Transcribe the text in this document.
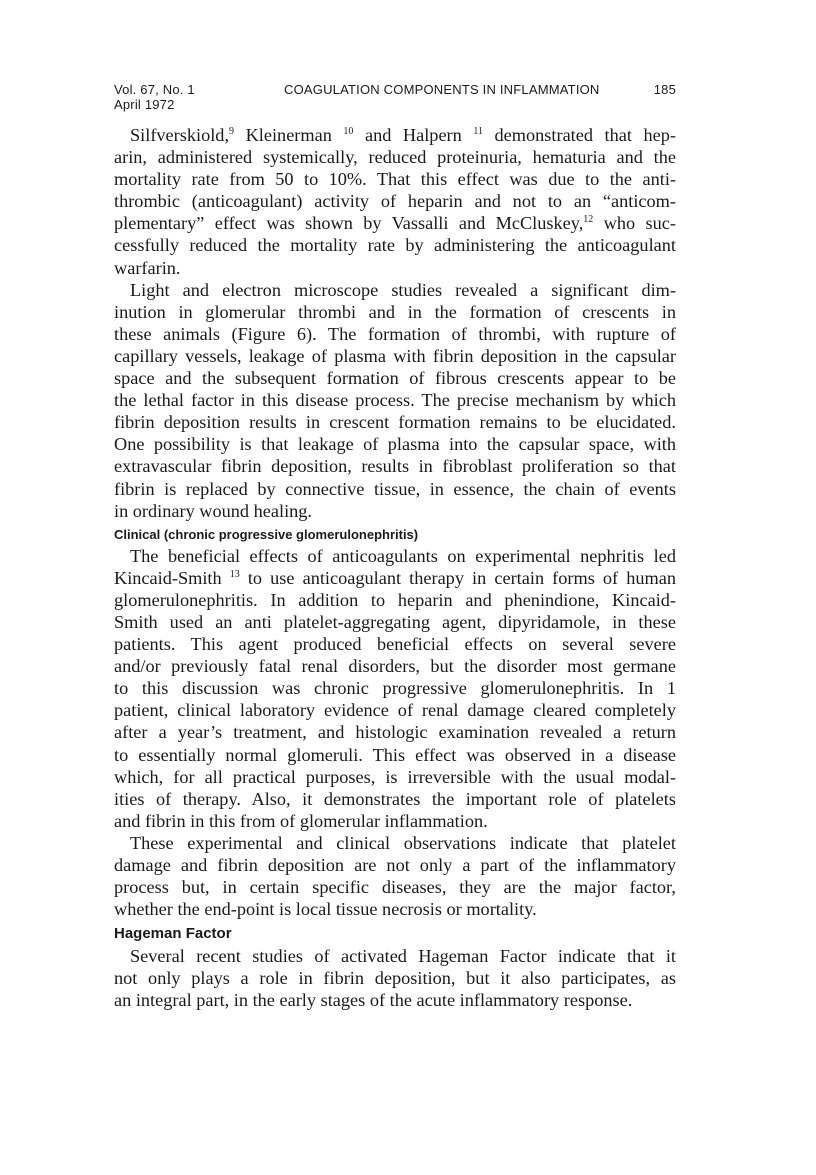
Vol. 67, No. 1
April 1972
COAGULATION COMPONENTS IN INFLAMMATION	185
Silfverskiold,$^9$ Kleinerman $^{10}$ and Halpern $^{11}$ demonstrated that hep-
arin, administered systemically, reduced proteinuria, hematuria and the
mortality rate from 50 to 10%. That this effect was due to the anti-
thrombic (anticoagulant) activity of heparin and not to an “anticom-
plementary” effect was shown by Vassalli and McCluskey,$^{12}$ who suc-
cessfully reduced the mortality rate by administering the anticoagulant
warfarin.
Light and electron microscope studies revealed a significant dim-
inution in glomerular thrombi and in the formation of crescents in
these animals (Figure 6). The formation of thrombi, with rupture of
capillary vessels, leakage of plasma with fibrin deposition in the capsular
space and the subsequent formation of fibrous crescents appear to be
the lethal factor in this disease process. The precise mechanism by which
fibrin deposition results in crescent formation remains to be elucidated.
One possibility is that leakage of plasma into the capsular space, with
extravascular fibrin deposition, results in fibroblast proliferation so that
fibrin is replaced by connective tissue, in essence, the chain of events
in ordinary wound healing.
Clinical (chronic progressive glomerulonephritis)
The beneficial effects of anticoagulants on experimental nephritis led
Kincaid-Smith $^{13}$ to use anticoagulant therapy in certain forms of human
glomerulonephritis. In addition to heparin and phenindione, Kincaid-
Smith used an anti platelet-aggregating agent, dipyridamole, in these
patients. This agent produced beneficial effects on several severe
and/or previously fatal renal disorders, but the disorder most germane
to this discussion was chronic progressive glomerulonephritis. In 1
patient, clinical laboratory evidence of renal damage cleared completely
after a year’s treatment, and histologic examination revealed a return
to essentially normal glomeruli. This effect was observed in a disease
which, for all practical purposes, is irreversible with the usual modal-
ities of therapy. Also, it demonstrates the important role of platelets
and fibrin in this from of glomerular inflammation.
These experimental and clinical observations indicate that platelet
damage and fibrin deposition are not only a part of the inflammatory
process but, in certain specific diseases, they are the major factor,
whether the end-point is local tissue necrosis or mortality.
Hageman Factor
Several recent studies of activated Hageman Factor indicate that it
not only plays a role in fibrin deposition, but it also participates, as
an integral part, in the early stages of the acute inflammatory response.
